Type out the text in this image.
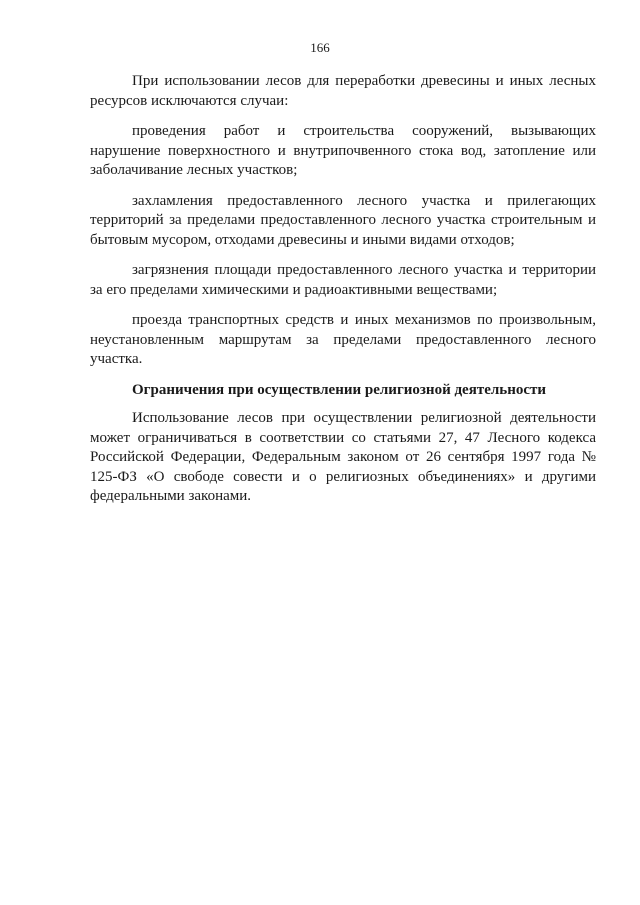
166

При использовании лесов для переработки древесины и иных лесных ресурсов исключаются случаи:

проведения работ и строительства сооружений, вызывающих нарушение поверхностного и внутрипочвенного стока вод, затопление или заболачивание лесных участков;

захламления предоставленного лесного участка и прилегающих территорий за пределами предоставленного лесного участка строительным и бытовым мусором, отходами древесины и иными видами отходов;

загрязнения площади предоставленного лесного участка и территории за его пределами химическими и радиоактивными веществами;

проезда транспортных средств и иных механизмов по произвольным, неустановленным маршрутам за пределами предоставленного лесного участка.

Ограничения при осуществлении религиозной деятельности

Использование лесов при осуществлении религиозной деятельности может ограничиваться в соответствии со статьями 27, 47 Лесного кодекса Российской Федерации, Федеральным законом от 26 сентября 1997 года № 125-ФЗ «О свободе совести и о религиозных объединениях» и другими федеральными законами.
